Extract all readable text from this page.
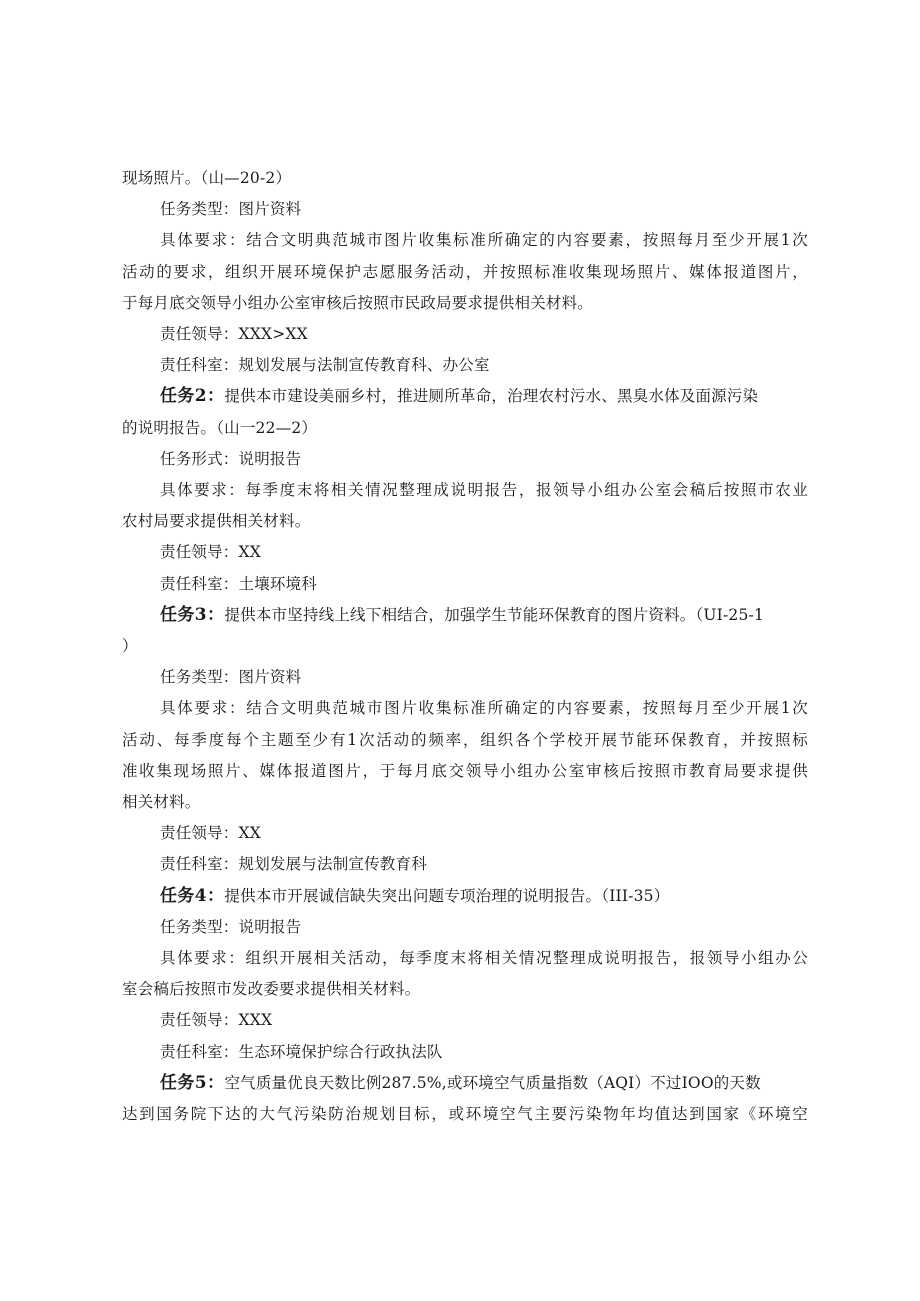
现场照片。（山—20-2）
任务类型：图片资料
具体要求：结合文明典范城市图片收集标准所确定的内容要素，按照每月至少开展1次
活动的要求，组织开展环境保护志愿服务活动，并按照标准收集现场照片、媒体报道图片，
于每月底交领导小组办公室审核后按照市民政局要求提供相关材料。
责任领导：XXX>XX
责任科室：规划发展与法制宣传教育科、办公室
任务2：提供本市建设美丽乡村，推进厕所革命，治理农村污水、黑臭水体及面源污染
的说明报告。（山一22—2）
任务形式：说明报告
具体要求：每季度末将相关情况整理成说明报告，报领导小组办公室会稿后按照市农业
农村局要求提供相关材料。
责任领导：XX
责任科室：土壤环境科
任务3：提供本市坚持线上线下相结合，加强学生节能环保教育的图片资料。（UI-25-1
）
任务类型：图片资料
具体要求：结合文明典范城市图片收集标准所确定的内容要素，按照每月至少开展1次
活动、每季度每个主题至少有1次活动的频率，组织各个学校开展节能环保教育，并按照标
准收集现场照片、媒体报道图片，于每月底交领导小组办公室审核后按照市教育局要求提供
相关材料。
责任领导：XX
责任科室：规划发展与法制宣传教育科
任务4：提供本市开展诚信缺失突出问题专项治理的说明报告。（III-35）
任务类型：说明报告
具体要求：组织开展相关活动，每季度末将相关情况整理成说明报告，报领导小组办公
室会稿后按照市发改委要求提供相关材料。
责任领导：XXX
责任科室：生态环境保护综合行政执法队
任务5：空气质量优良天数比例287.5%,或环境空气质量指数（AQI）不过IOO的天数
达到国务院下达的大气污染防治规划目标，或环境空气主要污染物年均值达到国家《环境空
